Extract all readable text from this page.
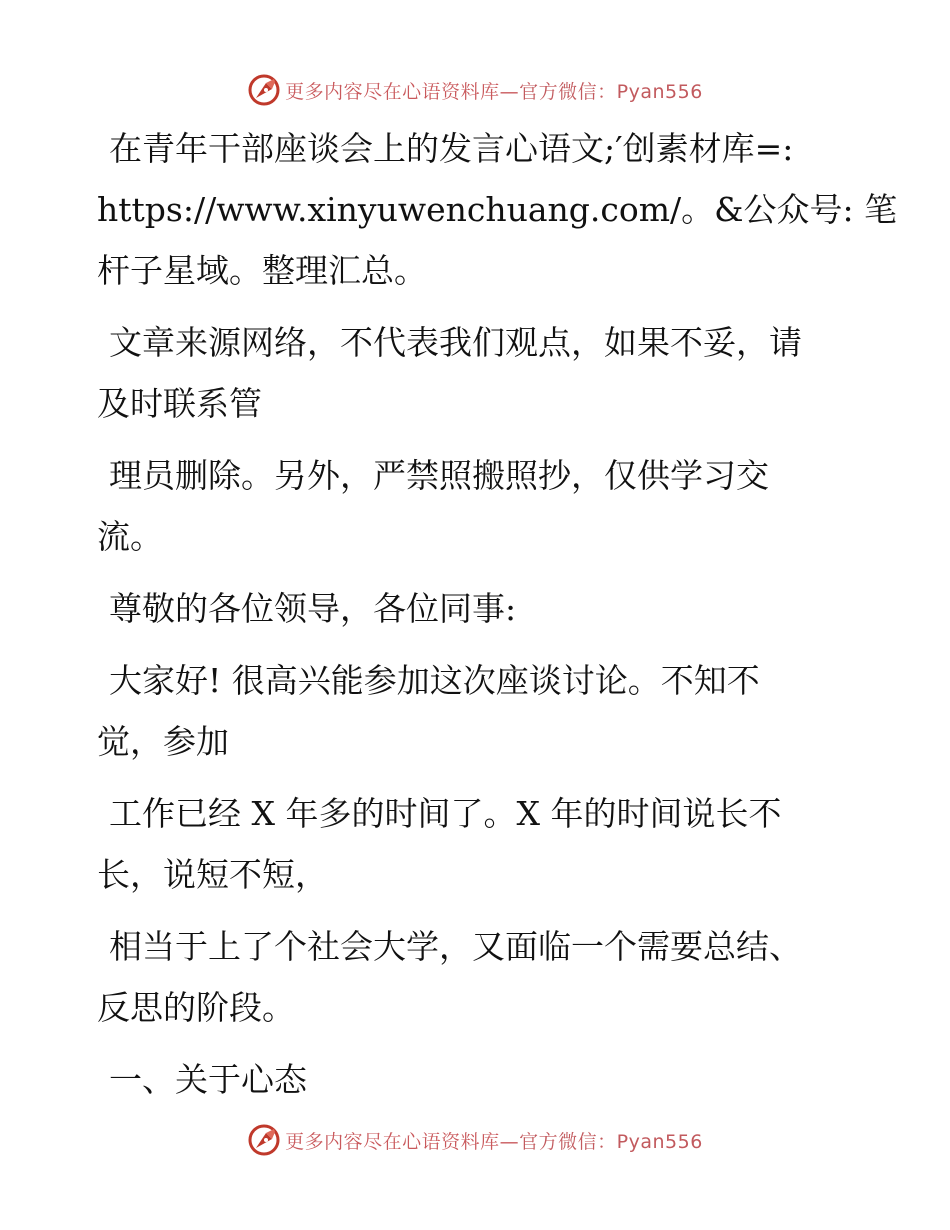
更多内容尽在心语资料库—官方微信：Pyan556

在青年干部座谈会上的发言心语文;′创素材库=:
https://www.xinyuwenchuang.com/。&公众号: 笔
杆子星域。整理汇总。

文章来源网络，不代表我们观点，如果不妥，请
及时联系管

理员删除。另外，严禁照搬照抄，仅供学习交
流。

尊敬的各位领导，各位同事:

大家好! 很高兴能参加这次座谈讨论。不知不
觉，参加

工作已经 X 年多的时间了。X 年的时间说长不
长，说短不短，

相当于上了个社会大学，又面临一个需要总结、
反思的阶段。

一、关于心态

更多内容尽在心语资料库—官方微信：Pyan556
